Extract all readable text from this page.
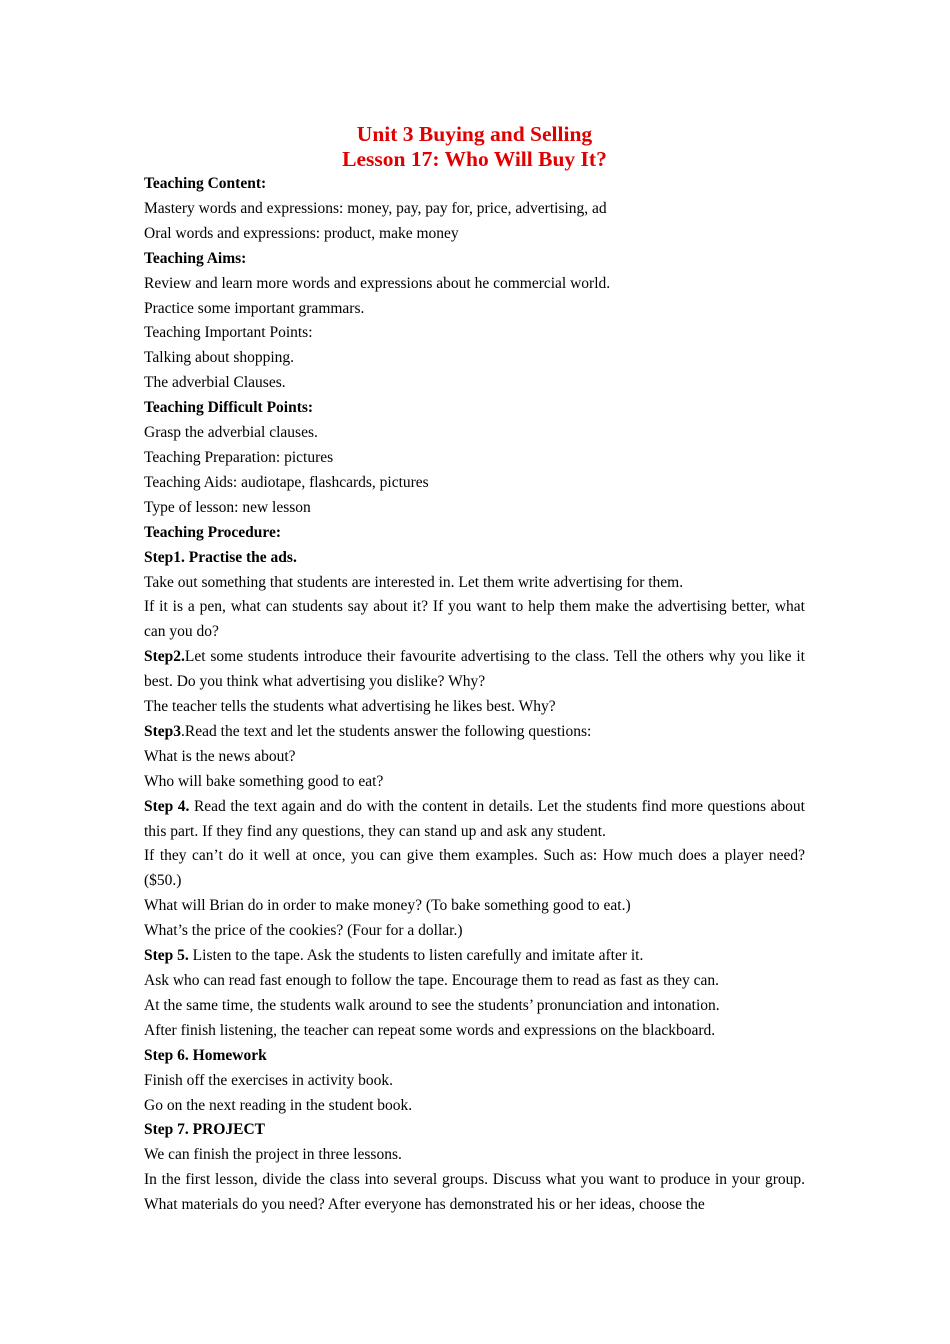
Unit 3 Buying and Selling
Lesson 17: Who Will Buy It?

Teaching Content:

Mastery words and expressions: money, pay, pay for, price, advertising, ad

Oral words and expressions: product, make money

Teaching Aims:

Review and learn more words and expressions about he commercial world.

Practice some important grammars.

Teaching Important Points:

Talking about shopping.

The adverbial Clauses.

Teaching Difficult Points:

Grasp the adverbial clauses.

Teaching Preparation: pictures

Teaching Aids: audiotape, flashcards, pictures

Type of lesson: new lesson

Teaching Procedure:

Step1. Practise the ads.

Take out something that students are interested in. Let them write advertising for them.

If it is a pen, what can students say about it? If you want to help them make the advertising better, what can you do?

Step2.Let some students introduce their favourite advertising to the class. Tell the others why you like it best. Do you think what advertising you dislike? Why?

The teacher tells the students what advertising he likes best. Why?

Step3.Read the text and let the students answer the following questions:

What is the news about?

Who will bake something good to eat?

Step 4. Read the text again and do with the content in details. Let the students find more questions about this part. If they find any questions, they can stand up and ask any student.

If they can’t do it well at once, you can give them examples. Such as: How much does a player need? ($50.)

What will Brian do in order to make money? (To bake something good to eat.)

What’s the price of the cookies? (Four for a dollar.)

Step 5. Listen to the tape. Ask the students to listen carefully and imitate after it.

Ask who can read fast enough to follow the tape. Encourage them to read as fast as they can.

At the same time, the students walk around to see the students’ pronunciation and intonation.

After finish listening, the teacher can repeat some words and expressions on the blackboard.

Step 6. Homework

Finish off the exercises in activity book.

Go on the next reading in the student book.

Step 7. PROJECT

We can finish the project in three lessons.

In the first lesson, divide the class into several groups. Discuss what you want to produce in your group. What materials do you need? After everyone has demonstrated his or her ideas, choose the
